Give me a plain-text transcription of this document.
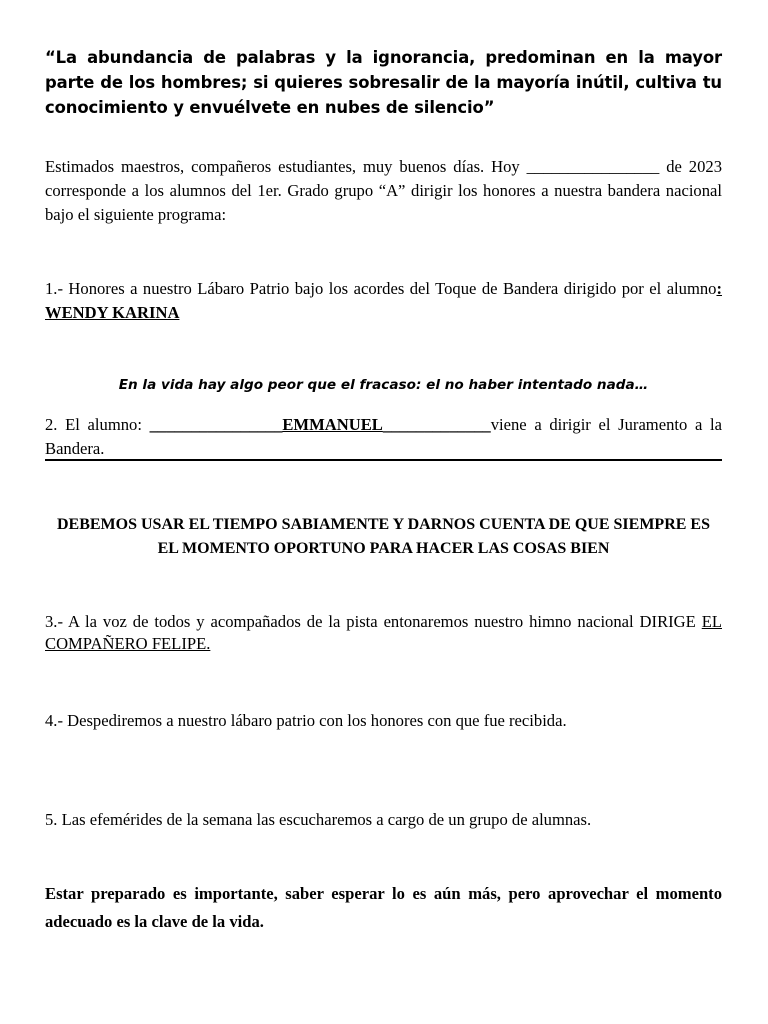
“La abundancia de palabras y la ignorancia, predominan en la mayor parte de los hombres; si quieres sobresalir de la mayoría inútil, cultiva tu conocimiento y envuélvete en nubes de silencio”

Estimados maestros, compañeros estudiantes, muy buenos días. Hoy ________________ de 2023 corresponde a los alumnos del 1er. Grado grupo “A” dirigir los honores a nuestra bandera nacional bajo el siguiente programa:

1.- Honores a nuestro Lábaro Patrio bajo los acordes del Toque de Bandera dirigido por el alumno: WENDY KARINA

En la vida hay algo peor que el fracaso: el no haber intentado nada…

2. El alumno: ________________EMMANUEL_____________viene a dirigir el Juramento a la Bandera.

DEBEMOS USAR EL TIEMPO SABIAMENTE Y DARNOS CUENTA DE QUE SIEMPRE ES EL MOMENTO OPORTUNO PARA HACER LAS COSAS BIEN

3.- A la voz de todos y acompañados de la pista entonaremos nuestro himno nacional DIRIGE EL COMPAÑERO FELIPE.

4.- Despediremos a nuestro lábaro patrio con los honores con que fue recibida.

5. Las efemérides de la semana las escucharemos a cargo de un grupo de alumnas.

Estar preparado es importante, saber esperar lo es aún más, pero aprovechar el momento adecuado es la clave de la vida.
